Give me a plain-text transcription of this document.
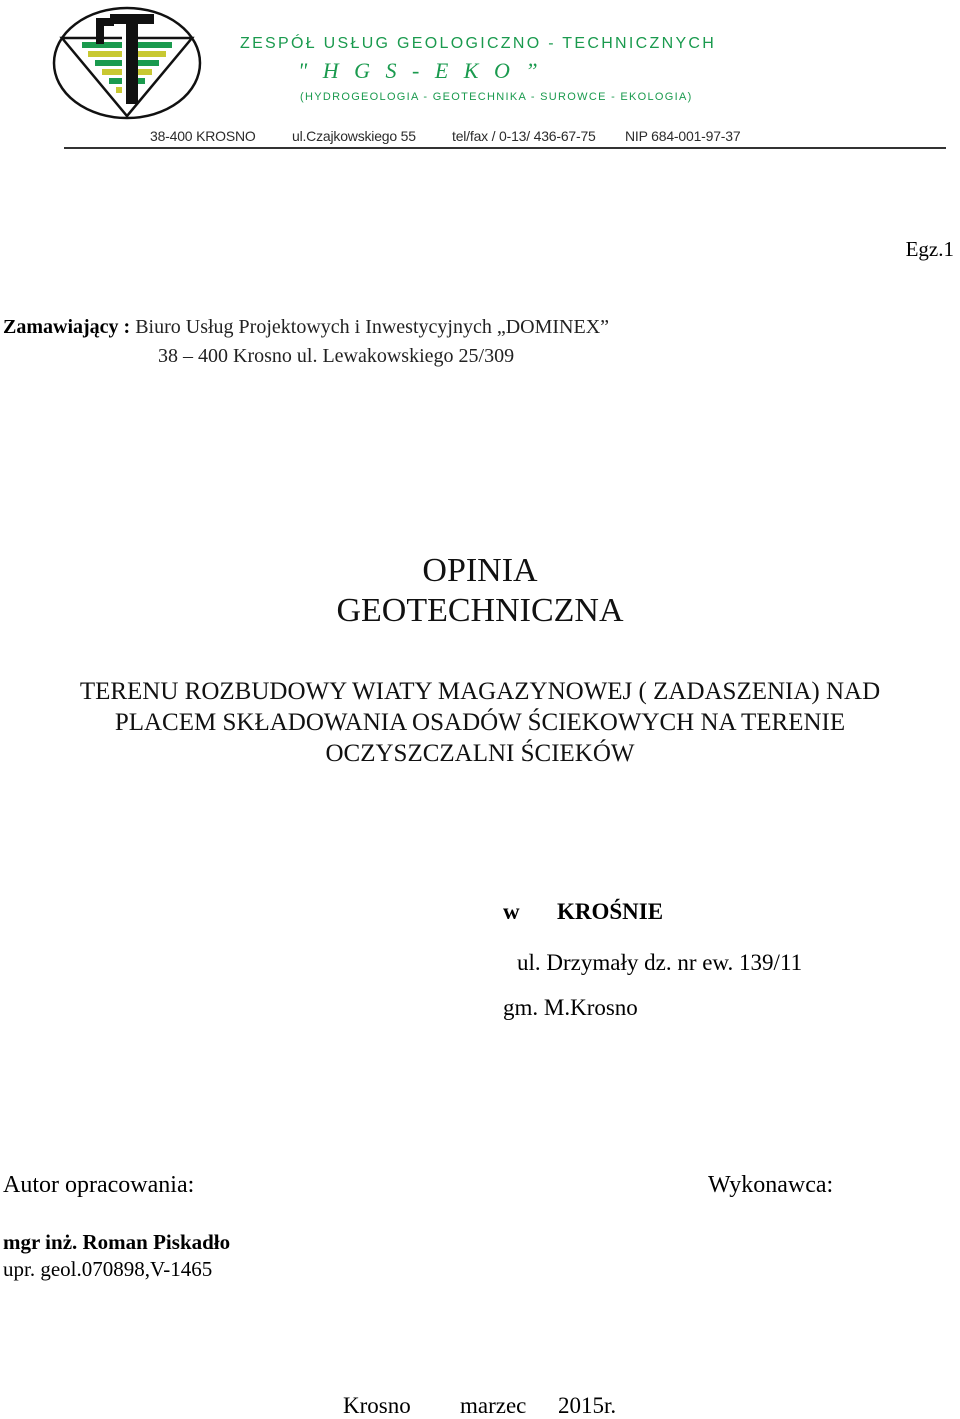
ZESPÓŁ USŁUG GEOLOGICZNO - TECHNICZNYCH
" H G S - E K O ”
(HYDROGEOLOGIA - GEOTECHNIKA - SUROWCE - EKOLOGIA)
38-400 KROSNO	ul.Czajkowskiego 55	tel/fax / 0-13/ 436-67-75 NIP 684-001-97-37
Egz.1
Zamawiający : Biuro Usług Projektowych i Inwestycyjnych „DOMINEX”
38 – 400 Krosno ul. Lewakowskiego 25/309
OPINIA
GEOTECHNICZNA
TERENU ROZBUDOWY WIATY MAGAZYNOWEJ ( ZADASZENIA) NAD
PLACEM SKŁADOWANIA OSADÓW ŚCIEKOWYCH NA TERENIE
OCZYSZCZALNI ŚCIEKÓW
w KROŚNIE
ul. Drzymały dz. nr ew. 139/11
gm. M.Krosno
Autor opracowania:	Wykonawca:
mgr inż. Roman Piskadło
upr. geol.070898,V-1465
Krosno marzec 2015r.
